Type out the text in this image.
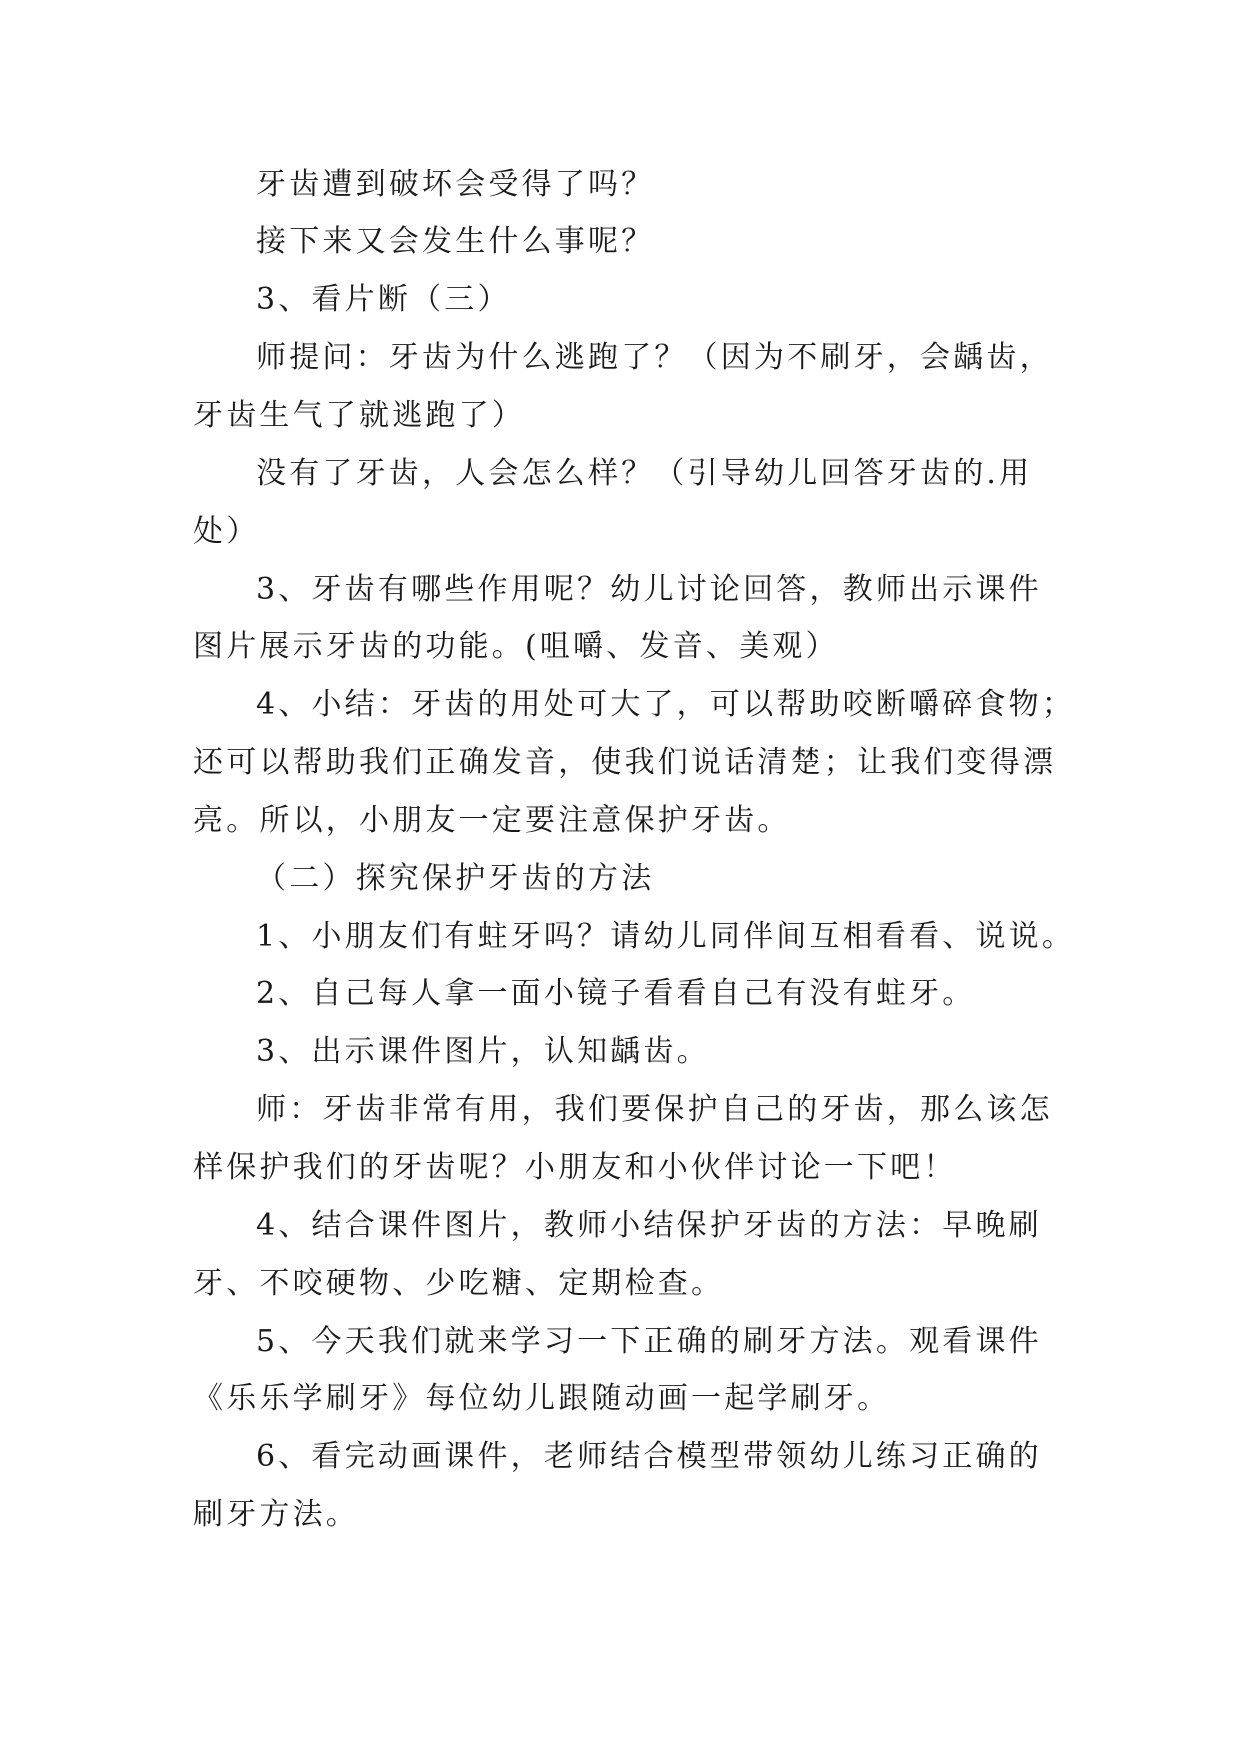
牙齿遭到破坏会受得了吗？
接下来又会发生什么事呢？
3、看片断（三）
师提问：牙齿为什么逃跑了？（因为不刷牙，会龋齿，
牙齿生气了就逃跑了）
没有了牙齿，人会怎么样？（引导幼儿回答牙齿的.用
处）
3、牙齿有哪些作用呢？幼儿讨论回答，教师出示课件
图片展示牙齿的功能。(咀嚼、发音、美观）
4、小结：牙齿的用处可大了，可以帮助咬断嚼碎食物；
还可以帮助我们正确发音，使我们说话清楚；让我们变得漂
亮。所以，小朋友一定要注意保护牙齿。
（二）探究保护牙齿的方法
1、小朋友们有蛀牙吗？请幼儿同伴间互相看看、说说。
2、自己每人拿一面小镜子看看自己有没有蛀牙。
3、出示课件图片，认知龋齿。
师：牙齿非常有用，我们要保护自己的牙齿，那么该怎
样保护我们的牙齿呢？小朋友和小伙伴讨论一下吧！
4、结合课件图片，教师小结保护牙齿的方法：早晚刷
牙、不咬硬物、少吃糖、定期检查。
5、今天我们就来学习一下正确的刷牙方法。观看课件
《乐乐学刷牙》每位幼儿跟随动画一起学刷牙。
6、看完动画课件，老师结合模型带领幼儿练习正确的
刷牙方法。
